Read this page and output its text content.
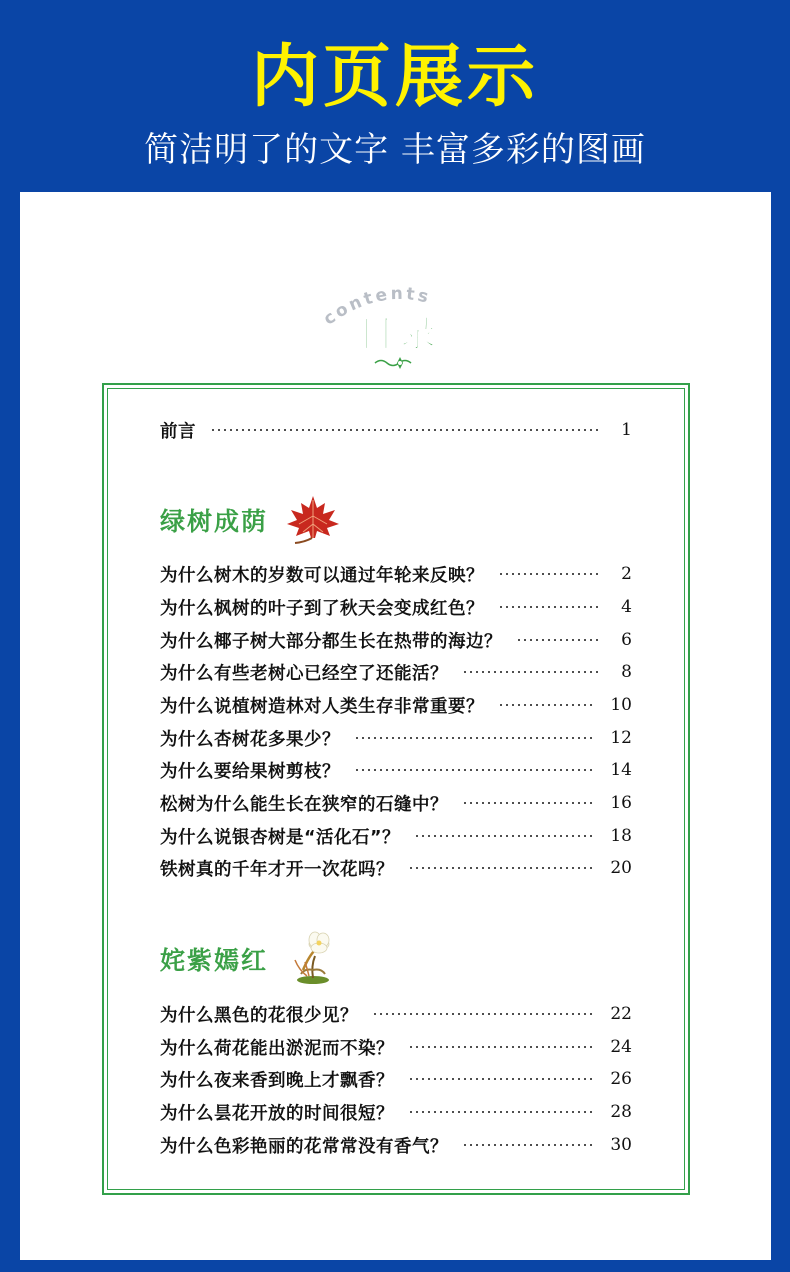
内页展示
简洁明了的文字 丰富多彩的图画
contents
目录
前言	1
绿树成荫
为什么树木的岁数可以通过年轮来反映？	2
为什么枫树的叶子到了秋天会变成红色？	4
为什么椰子树大部分都生长在热带的海边？	6
为什么有些老树心已经空了还能活？	8
为什么说植树造林对人类生存非常重要？	10
为什么杏树花多果少？	12
为什么要给果树剪枝？	14
松树为什么能生长在狭窄的石缝中？	16
为什么说银杏树是“活化石”？	18
铁树真的千年才开一次花吗？	20
姹紫嫣红
为什么黑色的花很少见？	22
为什么荷花能出淤泥而不染？	24
为什么夜来香到晚上才飘香？	26
为什么昙花开放的时间很短？	28
为什么色彩艳丽的花常常没有香气？	30
